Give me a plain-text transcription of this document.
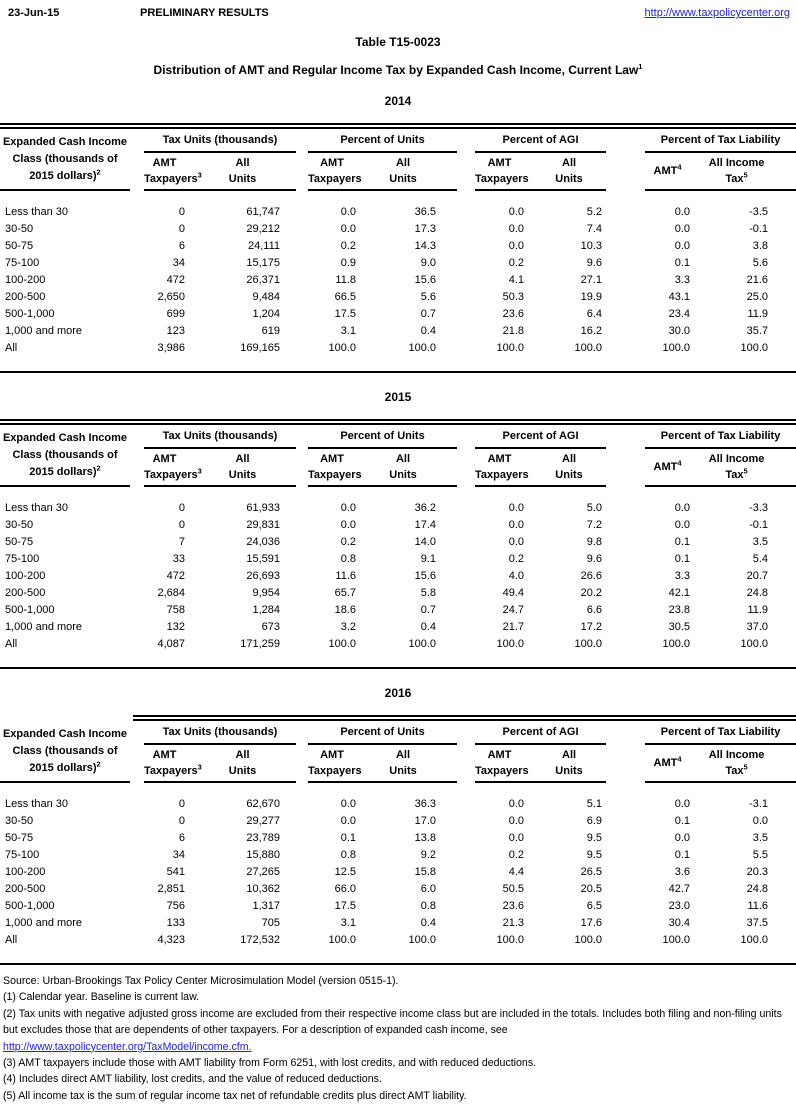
23-Jun-15	PRELIMINARY RESULTS	http://www.taxpolicycenter.org
Table T15-0023
Distribution of AMT and Regular Income Tax by Expanded Cash Income, Current Law$^1$
2014
Expanded Cash Income
Class (thousands of
2015 dollars)$^2$		Tax Units (thousands)			Percent of Units			Percent of AGI			Percent of Tax Liability	

AMT
Taxpayers$^3$

All
Units

AMT
Taxpayers

All
Units

AMT
Taxpayers

All
Units
	AMT$^4$	All Income
Tax$^5$

Less than 30		0	61,747		0.0	36.5		0.0	5.2		0.0	-3.5
30-50		0	29,212		0.0	17.3		0.0	7.4		0.0	-0.1
50-75		6	24,111		0.2	14.3		0.0	10.3		0.0	3.8
75-100		34	15,175		0.9	9.0		0.2	9.6		0.1	5.6
100-200		472	26,371		11.8	15.6		4.1	27.1		3.3	21.6
200-500		2,650	9,484		66.5	5.6		50.3	19.9		43.1	25.0
500-1,000		699	1,204		17.5	0.7		23.6	6.4		23.4	11.9
1,000 and more		123	619		3.1	0.4		21.8	16.2		30.0	35.7
All		3,986	169,165		100.0	100.0		100.0	100.0		100.0	100.0
2015
Expanded Cash Income
Class (thousands of
2015 dollars)$^2$		Tax Units (thousands)			Percent of Units			Percent of AGI			Percent of Tax Liability	

AMT
Taxpayers$^3$

All
Units

AMT
Taxpayers

All
Units

AMT
Taxpayers

All
Units
	AMT$^4$	All Income
Tax$^5$

Less than 30		0	61,933		0.0	36.2		0.0	5.0		0.0	-3.3
30-50		0	29,831		0.0	17.4		0.0	7.2		0.0	-0.1
50-75		7	24,036		0.2	14.0		0.0	9.8		0.1	3.5
75-100		33	15,591		0.8	9.1		0.2	9.6		0.1	5.4
100-200		472	26,693		11.6	15.6		4.0	26.6		3.3	20.7
200-500		2,684	9,954		65.7	5.8		49.4	20.2		42.1	24.8
500-1,000		758	1,284		18.6	0.7		24.7	6.6		23.8	11.9
1,000 and more		132	673		3.2	0.4		21.7	17.2		30.5	37.0
All		4,087	171,259		100.0	100.0		100.0	100.0		100.0	100.0
2016
Expanded Cash Income
Class (thousands of
2015 dollars)$^2$		Tax Units (thousands)			Percent of Units			Percent of AGI			Percent of Tax Liability	

AMT
Taxpayers$^3$

All
Units

AMT
Taxpayers

All
Units

AMT
Taxpayers

All
Units
	AMT$^4$	All Income
Tax$^5$

Less than 30		0	62,670		0.0	36.3		0.0	5.1		0.0	-3.1
30-50		0	29,277		0.0	17.0		0.0	6.9		0.1	0.0
50-75		6	23,789		0.1	13.8		0.0	9.5		0.0	3.5
75-100		34	15,880		0.8	9.2		0.2	9.5		0.1	5.5
100-200		541	27,265		12.5	15.8		4.4	26.5		3.6	20.3
200-500		2,851	10,362		66.0	6.0		50.5	20.5		42.7	24.8
500-1,000		756	1,317		17.5	0.8		23.6	6.5		23.0	11.6
1,000 and more		133	705		3.1	0.4		21.3	17.6		30.4	37.5
All		4,323	172,532		100.0	100.0		100.0	100.0		100.0	100.0
Source: Urban-Brookings Tax Policy Center Microsimulation Model (version 0515-1).
(1) Calendar year. Baseline is current law.
(2) Tax units with negative adjusted gross income are excluded from their respective income class but are included in the totals. Includes both filing and non-filing units but excludes those that are dependents of other taxpayers. For a description of expanded cash income, see
http://www.taxpolicycenter.org/TaxModel/income.cfm.
(3) AMT taxpayers include those with AMT liability from Form 6251, with lost credits, and with reduced deductions.
(4) Includes direct AMT liability, lost credits, and the value of reduced deductions.
(5) All income tax is the sum of regular income tax net of refundable credits plus direct AMT liability.
